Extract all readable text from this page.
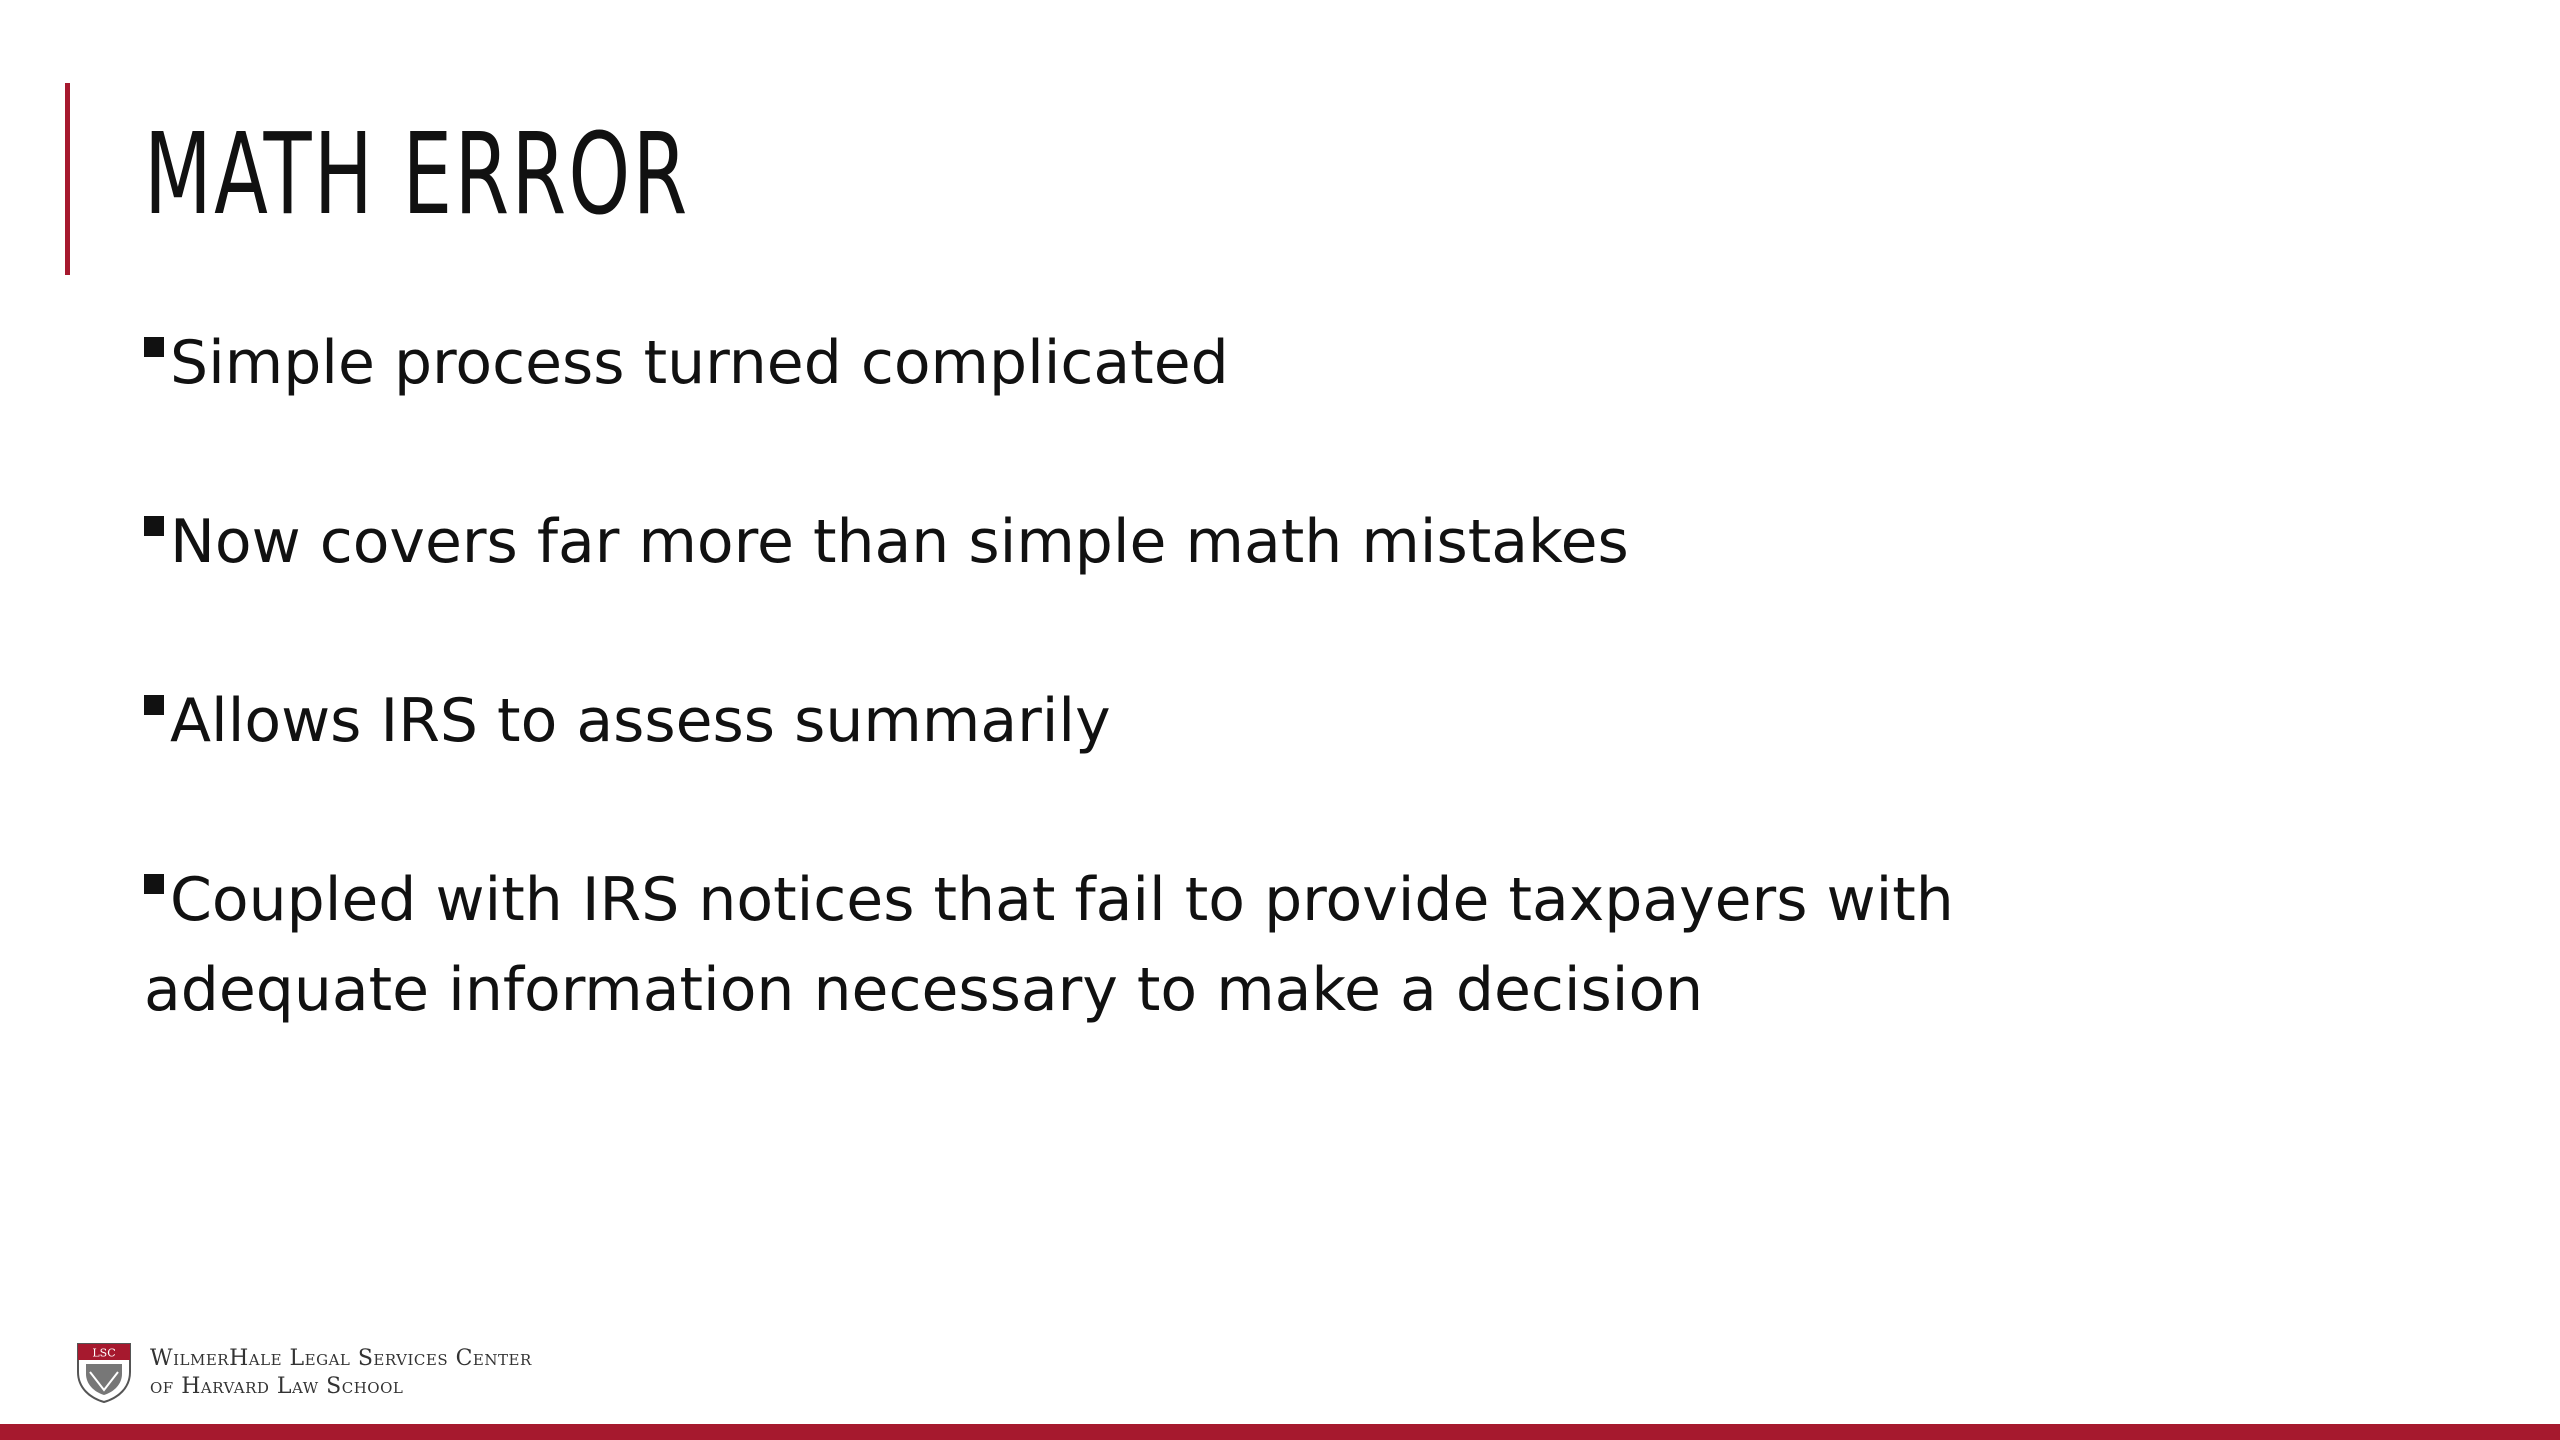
MATH ERROR
Simple process turned complicated
Now covers far more than simple math mistakes
Allows IRS to assess summarily
Coupled with IRS notices that fail to provide taxpayers with adequate information necessary to make a decision
LSC WilmerHale Legal Services Center
of Harvard Law School
